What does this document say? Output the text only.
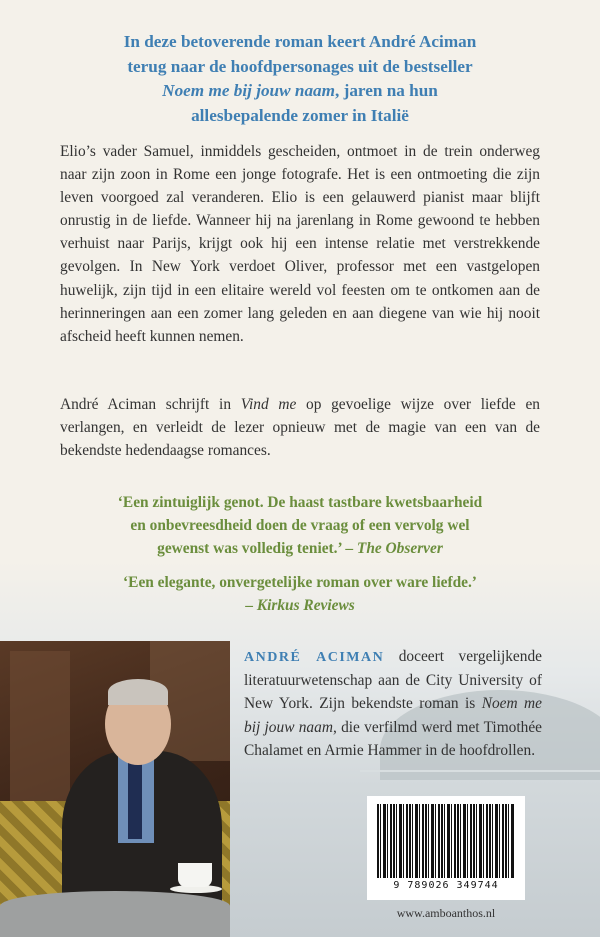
In deze betoverende roman keert André Aciman
terug naar de hoofdpersonages uit de bestseller
Noem me bij jouw naam, jaren na hun
allesbepalende zomer in Italië
Elio’s vader Samuel, inmiddels gescheiden, ontmoet in de trein onderweg naar zijn zoon in Rome een jonge fotografe. Het is een ontmoeting die zijn leven voorgoed zal veranderen. Elio is een gelauwerd pianist maar blijft onrustig in de liefde. Wanneer hij na jarenlang in Rome gewoond te hebben verhuist naar Parijs, krijgt ook hij een intense relatie met verstrekkende gevolgen. In New York verdoet Oliver, professor met een vastgelopen huwelijk, zijn tijd in een elitaire wereld vol feesten om te ontkomen aan de herinneringen aan een zomer lang geleden en aan diegene van wie hij nooit afscheid heeft kunnen nemen.
André Aciman schrijft in Vind me op gevoelige wijze over liefde en verlangen, en verleidt de lezer opnieuw met de magie van een van de bekendste hedendaagse romances.
‘Een zintuiglijk genot. De haast tastbare kwetsbaarheid
en onbevreesdheid doen de vraag of een vervolg wel
gewenst was volledig teniet.’ – The Observer
‘Een elegante, onvergetelijke roman over ware liefde.’
– Kirkus Reviews
ANDRÉ ACIMAN doceert vergelijkende literatuurwetenschap aan de City University of New York. Zijn bekendste roman is Noem me bij jouw naam, die verfilmd werd met Timothée Chalamet en Armie Hammer in de hoofdrollen.
9 789026 349744
www.amboanthos.nl
